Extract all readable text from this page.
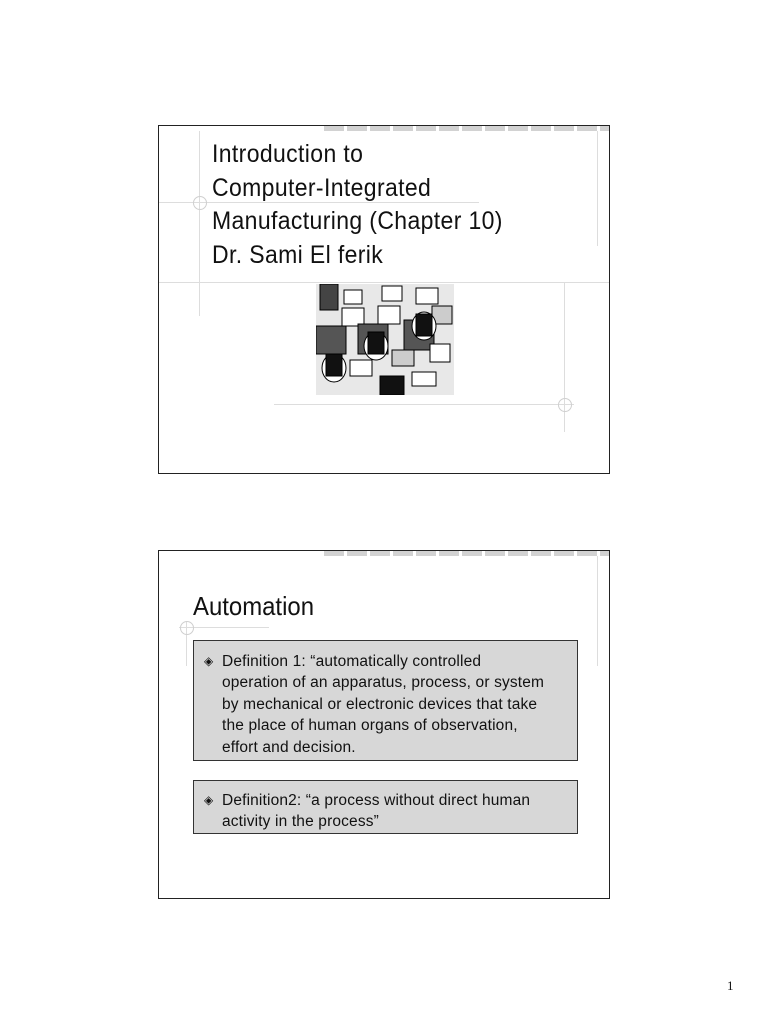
Introduction to
Computer-Integrated
Manufacturing (Chapter 10)
Dr. Sami El ferik
Automation
◈ Definition 1: “automatically controlled
operation of an apparatus, process, or system
by mechanical or electronic devices that take
the place of human organs of observation,
effort and decision.
◈ Definition2: “a process without direct human
activity in the process”
1
